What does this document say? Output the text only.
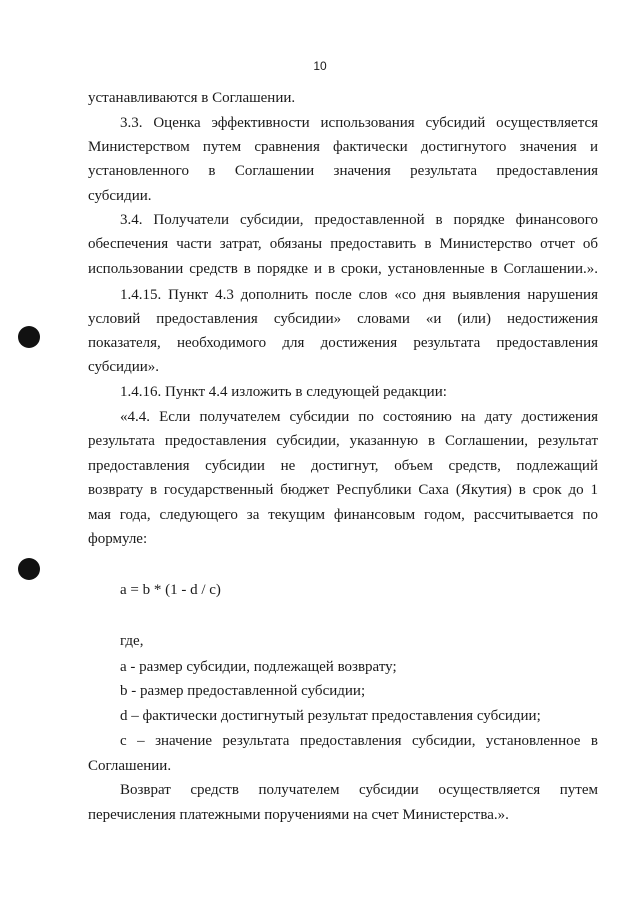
10
устанавливаются в Соглашении.
3.3. Оценка эффективности использования субсидий осуществляется
Министерством путем сравнения фактически достигнутого значения и
установленного в Соглашении значения результата предоставления
субсидии.
3.4. Получатели субсидии, предоставленной в порядке финансового
обеспечения части затрат, обязаны предоставить в Министерство отчет об
использовании средств в порядке и в сроки, установленные в Соглашении.».
1.4.15. Пункт 4.3 дополнить после слов «со дня выявления нарушения
условий предоставления субсидии» словами «и (или) недостижения
показателя, необходимого для достижения результата предоставления
субсидии».
1.4.16. Пункт 4.4 изложить в следующей редакции:
«4.4. Если получателем субсидии по состоянию на дату достижения
результата предоставления субсидии, указанную в Соглашении, результат
предоставления субсидии не достигнут, объем средств, подлежащий
возврату в государственный бюджет Республики Саха (Якутия) в срок до 1
мая года, следующего за текущим финансовым годом, рассчитывается по
формуле:
a = b * (1 - d / c)
где,
a - размер субсидии, подлежащей возврату;
b - размер предоставленной субсидии;
d – фактически достигнутый результат предоставления субсидии;
c – значение результата предоставления субсидии, установленное в
Соглашении.
Возврат средств получателем субсидии осуществляется путем
перечисления платежными поручениями на счет Министерства.».
